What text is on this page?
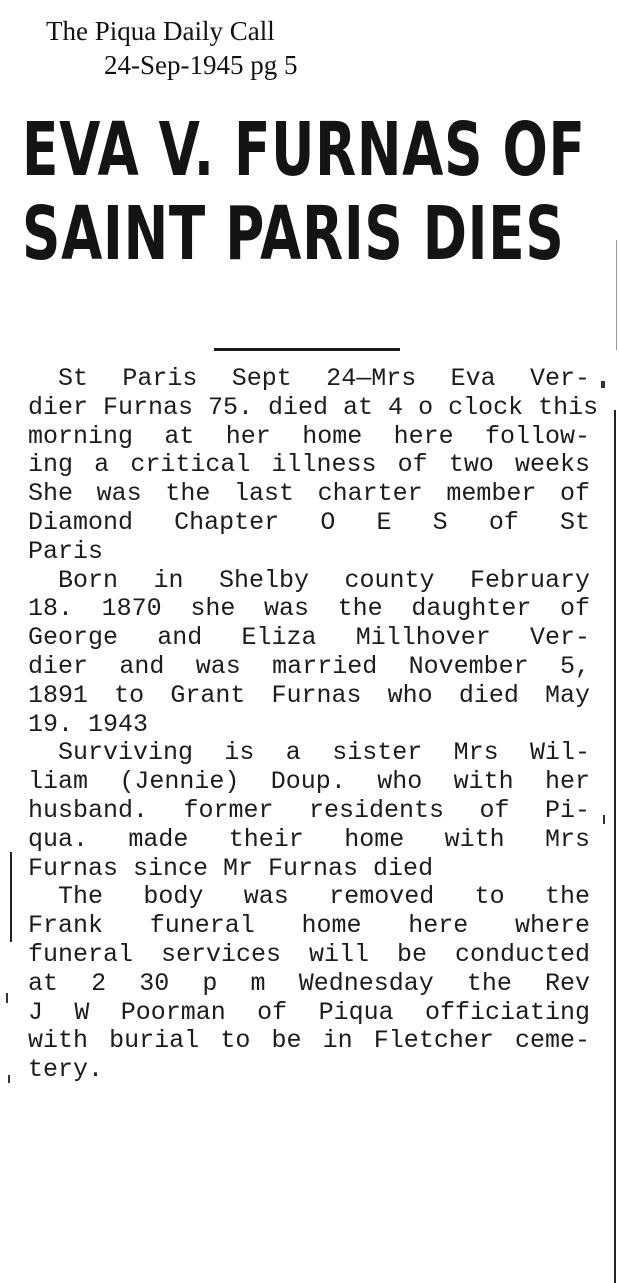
The Piqua Daily Call
24-Sep-1945 pg 5
EVA V. FURNAS OF
SAINT PARIS DIES
St Paris Sept 24—Mrs Eva Ver-
dier Furnas 75. died at 4 o clock this
morning at her home here follow-
ing a critical illness of two weeks
She was the last charter member of
Diamond Chapter O E S of St
Paris
Born in Shelby county February
18. 1870 she was the daughter of
George and Eliza Millhover Ver-
dier and was married November 5,
1891 to Grant Furnas who died May
19. 1943
Surviving is a sister Mrs Wil-
liam (Jennie) Doup. who with her
husband. former residents of Pi-
qua. made their home with Mrs
Furnas since Mr Furnas died
The body was removed to the
Frank funeral home here where
funeral services will be conducted
at 2 30 p m Wednesday the Rev
J W Poorman of Piqua officiating
with burial to be in Fletcher ceme-
tery.
